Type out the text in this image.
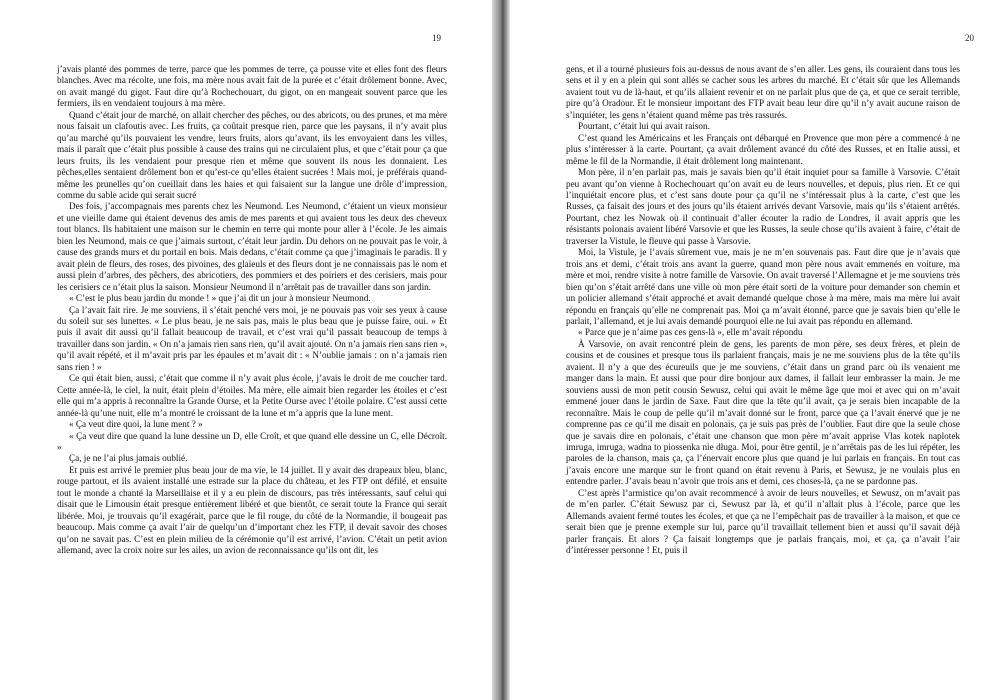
19

j’avais planté des pommes de terre, parce que les pommes de terre, ça pousse vite et elles font des fleurs blanches. Avec ma récolte, une fois, ma mère nous avait fait de la purée et c’était drôlement bonne. Avec, on avait mangé du gigot. Faut dire qu’à Rochechouart, du gigot, on en mangeait souvent parce que les fermiers, ils en vendaient toujours à ma mère.

Quand c’était jour de marché, on allait chercher des pêches, ou des abricots, ou des prunes, et ma mère nous faisait un clafoutis avec. Les fruits, ça coûtait presque rien, parce que les paysans, il n’y avait plus qu’au marché qu’ils pouvaient les vendre, leurs fruits, alors qu’avant, ils les envoyaient dans les villes, mais il paraît que c’était plus possible à cause des trains qui ne circulaient plus, et que c’était pour ça que leurs fruits, ils les vendaient pour presque rien et même que souvent ils nous les donnaient. Les pêches,elles sentaient drôlement bon et qu’est-ce qu’elles étaient sucrées ! Mais moi, je préférais quand-même les prunelles qu’on cueillait dans les haies et qui faisaient sur la langue une drôle d’impression, comme du sable acide qui serait sucré

Des fois, j’accompagnais mes parents chez les Neumond. Les Neumond, c’étaient un vieux monsieur et une vieille dame qui étaient devenus des amis de mes parents et qui avaient tous les deux des cheveux tout blancs. Ils habitaient une maison sur le chemin en terre qui monte pour aller à l’école. Je les aimais bien les Neumond, mais ce que j’aimais surtout, c’était leur jardin. Du dehors on ne pouvait pas le voir, à cause des grands murs et du portail en bois. Mais dedans, c’était comme ça que j’imaginais le paradis. Il y avait plein de fleurs, des roses, des pivoines, des glaïeuls et des fleurs dont je ne connaissais pas le nom et aussi plein d’arbres, des pêchers, des abricotiers, des pommiers et des poiriers et des cerisiers, mais pour les cerisiers ce n’était plus la saison. Monsieur Neumond il n’arrêtait pas de travailler dans son jardin.

« C’est le plus beau jardin du monde ! » que j’ai dit un jour à monsieur Neumond.

Ça l’avait fait rire. Je me souviens, il s’était penché vers moi, je ne pouvais pas voir ses yeux à cause du soleil sur ses lunettes. « Le plus beau, je ne sais pas, mais le plus beau que je puisse faire, oui. » Et puis il avait dit aussi qu’il fallait beaucoup de travail, et c’est vrai qu’il passait beaucoup de temps à travailler dans son jardin. « On n’a jamais rien sans rien, qu’il avait ajouté. On n’a jamais rien sans rien », qu’il avait répété, et il m’avait pris par les épaules et m’avait dit : « N’oublie jamais : on n’a jamais rien sans rien ! »

Ce qui était bien, aussi, c’était que comme il n’y avait plus école, j’avais le droit de me coucher tard. Cette année-là, le ciel, la nuit, était plein d’étoiles. Ma mère, elle aimait bien regarder les étoiles et c’est elle qui m’a appris à reconnaître la Grande Ourse, et la Petite Ourse avec l’étoile polaire. C’est aussi cette année-là qu’une nuit, elle m’a montré le croissant de la lune et m’a appris que la lune ment.

« Ça veut dire quoi, la lune ment ? »

« Ça veut dire que quand la lune dessine un D, elle Croît, et que quand elle dessine un C, elle Décroît. »

Ça, je ne l’ai plus jamais oublié.

Et puis est arrivé le premier plus beau jour de ma vie, le 14 juillet. Il y avait des drapeaux bleu, blanc, rouge partout, et ils avaient installé une estrade sur la place du château, et les FTP ont défilé, et ensuite tout le monde a chanté la Marseillaise et il y a eu plein de discours, pas très intéressants, sauf celui qui disait que le Limousin était presque entièrement libéré et que bientôt, ce serait toute la France qui serait libérée. Moi, je trouvais qu’il exagérait, parce que le fil rouge, du côté de la Normandie, il bougeait pas beaucoup. Mais comme ça avait l’air de quelqu’un d’important chez les FTP, il devait savoir des choses qu’on ne savait pas. C’est en plein milieu de la cérémonie qu’il est arrivé, l’avion. C’était un petit avion allemand, avec la croix noire sur les ailes, un avion de reconnaissance qu’ils ont dit, les

20

gens, et il a tourné plusieurs fois au-dessus de nous avant de s’en aller. Les gens, ils couraient dans tous les sens et il y en a plein qui sont allés se cacher sous les arbres du marché. Et c’était sûr que les Allemands avaient tout vu de là-haut, et qu’ils allaient revenir et on ne parlait plus que de ça, et que ce serait terrible, pire qu’à Oradour. Et le monsieur important des FTP avait beau leur dire qu’il n’y avait aucune raison de s’inquiéter, les gens n’étaient quand même pas très rassurés.

Pourtant, c’était lui qui avait raison.

C’est quand les Américains et les Français ont débarqué en Provence que mon père a commencé à ne plus s’intéresser à la carte. Pourtant, ça avait drôlement avancé du côté des Russes, et en Italie aussi, et même le fil de la Normandie, il était drôlement long maintenant.

Mon père, il n’en parlait pas, mais je savais bien qu’il était inquiet pour sa famille à Varsovie. C’était peu avant qu’on vienne à Rochechouart qu’on avait eu de leurs nouvelles, et depuis, plus rien. Et ce qui l’inquiétait encore plus, et c’est sans doute pour ça qu’il ne s’intéressait plus à la carte, c’est que les Russes, ça faisait des jours et des jours qu’ils étaient arrivés devant Varsovie, mais qu’ils s’étaient arrêtés. Pourtant, chez les Nowak où il continuait d’aller écouter la radio de Londres, il avait appris que les résistants polonais avaient libéré Varsovie et que les Russes, la seule chose qu’ils avaient à faire, c’était de traverser la Vistule, le fleuve qui passe à Varsovie.

Moi, la Vistule, je l’avais sûrement vue, mais je ne m’en souvenais pas. Faut dire que je n’avais que trois ans et demi, c’était trois ans avant la guerre, quand mon père nous avait emmenés en voiture, ma mère et moi, rendre visite à notre famille de Varsovie. On avait traversé l’Allemagne et je me souviens très bien qu’on s’était arrêté dans une ville où mon père était sorti de la voiture pour demander son chemin et un policier allemand s’était approché et avait demandé quelque chose à ma mère, mais ma mère lui avait répondu en français qu’elle ne comprenait pas. Moi ça m’avait étonné, parce que je savais bien qu’elle le parlait, l’allemand, et je lui avais demandé pourquoi elle ne lui avait pas répondu en allemand.

« Parce que je n’aime pas ces gens-là », elle m’avait répondu

À Varsovie, on avait rencontré plein de gens, les parents de mon père, ses deux frères, et plein de cousins et de cousines et presque tous ils parlaient français, mais je ne me souviens plus de la tête qu’ils avaient. Il n’y a que des écureuils que je me souviens, c’était dans un grand parc où ils venaient me manger dans la main. Et aussi que pour dire bonjour aux dames, il fallait leur embrasser la main. Je me souviens aussi de mon petit cousin Sewusz, celui qui avait le même âge que moi et avec qui on m’avait emmené jouer dans le jardin de Saxe. Faut dire que la tête qu’il avait, ça je serais bien incapable de la reconnaître. Mais le coup de pelle qu’il m’avait donné sur le front, parce que ça l’avait énervé que je ne comprenne pas ce qu’il me disait en polonais, ça je suis pas près de l’oublier. Faut dire que la seule chose que je savais dire en polonais, c’était une chanson que mon père m’avait apprise Vlas kotek naplotek imruga, imruga, wadna to piossenka nie długa. Moi, pour être gentil, je n’arrêtais pas de les lui répéter, les paroles de la chanson, mais ça, ça l’énervait encore plus que quand je lui parlais en français. En tout cas j’avais encore une marque sur le front quand on était revenu à Paris, et Sewusz, je ne voulais plus en entendre parler. J’avais beau n’avoir que trois ans et demi, ces choses-là, ça ne se pardonne pas.

C’est après l’armistice qu’on avait recommencé à avoir de leurs nouvelles, et Sewusz, on m’avait pas de m’en parler. C’était Sewusz par ci, Sewusz par là, et qu’il n’allait plus à l’école, parce que les Allemands avaient fermé toutes les écoles, et que ça ne l’empêchait pas de travailler à la maison, et que ce serait bien que je prenne exemple sur lui, parce qu’il travaillait tellement bien et aussi qu’il savait déjà parler français. Et alors ? Ça faisait longtemps que je parlais français, moi, et ça, ça n’avait l’air d’intéresser personne ! Et, puis il
